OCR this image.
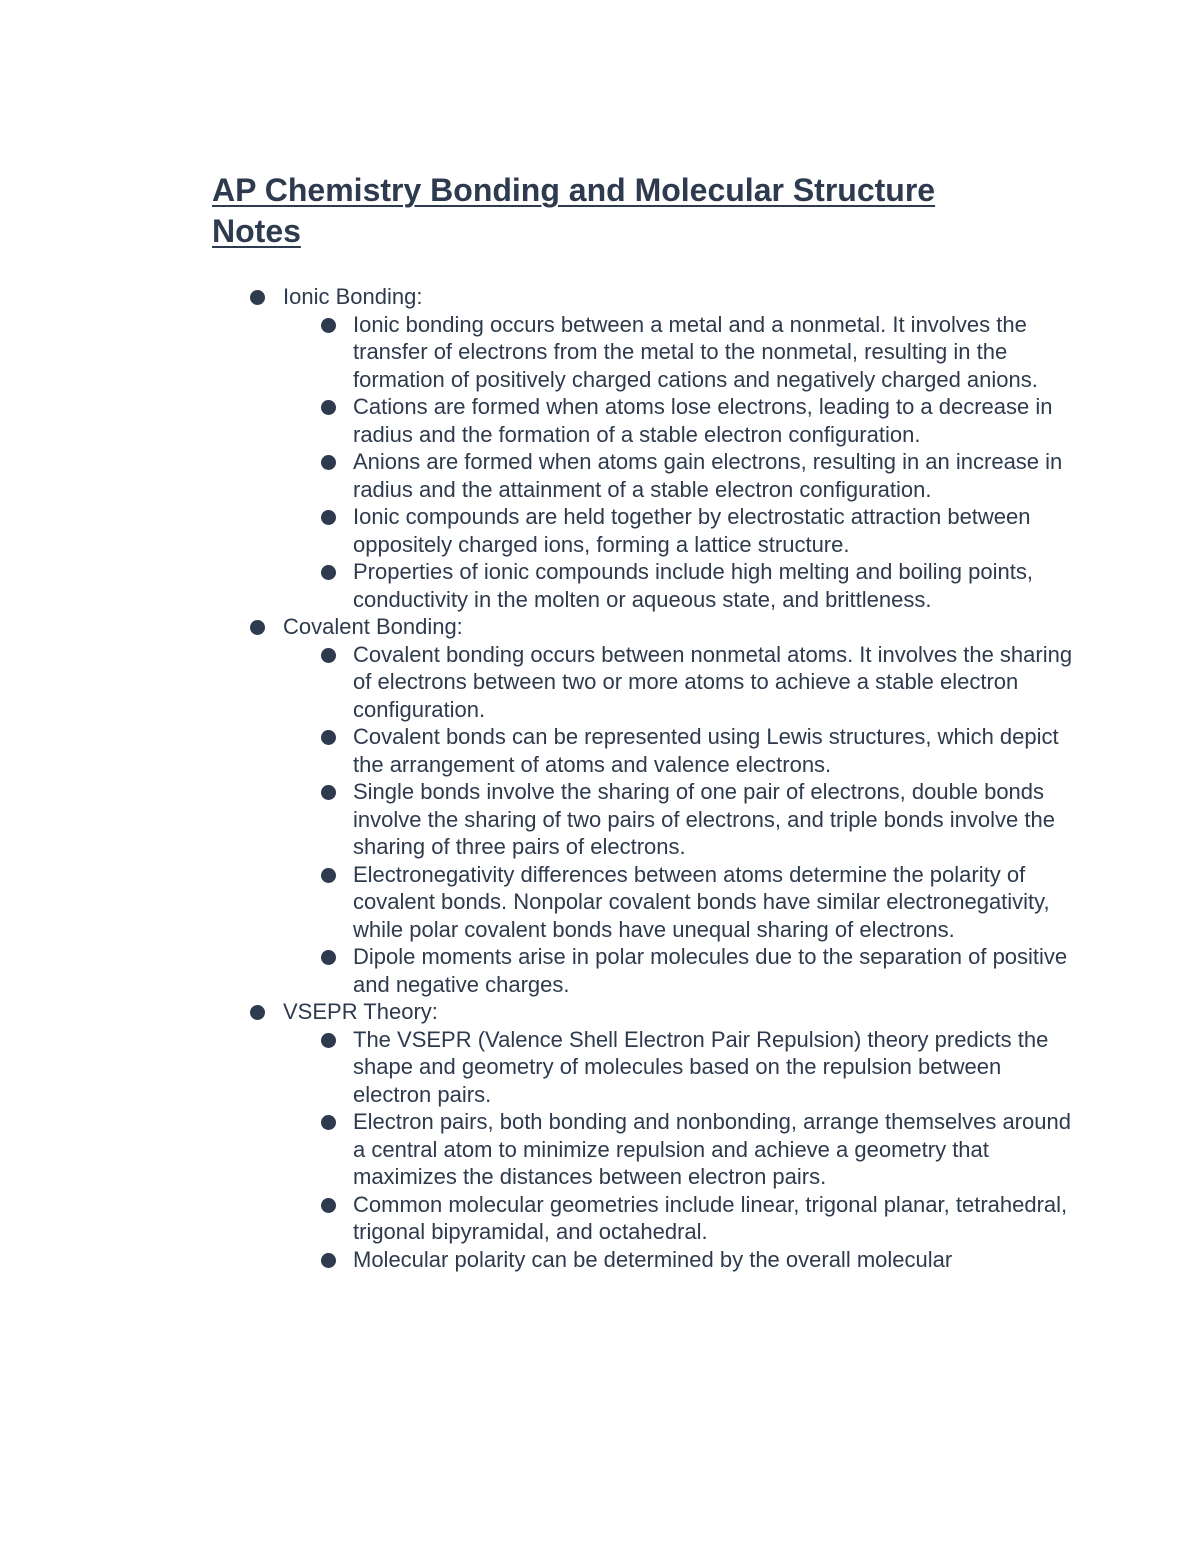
AP Chemistry Bonding and Molecular Structure Notes
Ionic Bonding:
Ionic bonding occurs between a metal and a nonmetal. It involves the transfer of electrons from the metal to the nonmetal, resulting in the formation of positively charged cations and negatively charged anions.
Cations are formed when atoms lose electrons, leading to a decrease in radius and the formation of a stable electron configuration.
Anions are formed when atoms gain electrons, resulting in an increase in radius and the attainment of a stable electron configuration.
Ionic compounds are held together by electrostatic attraction between oppositely charged ions, forming a lattice structure.
Properties of ionic compounds include high melting and boiling points, conductivity in the molten or aqueous state, and brittleness.
Covalent Bonding:
Covalent bonding occurs between nonmetal atoms. It involves the sharing of electrons between two or more atoms to achieve a stable electron configuration.
Covalent bonds can be represented using Lewis structures, which depict the arrangement of atoms and valence electrons.
Single bonds involve the sharing of one pair of electrons, double bonds involve the sharing of two pairs of electrons, and triple bonds involve the sharing of three pairs of electrons.
Electronegativity differences between atoms determine the polarity of covalent bonds. Nonpolar covalent bonds have similar electronegativity, while polar covalent bonds have unequal sharing of electrons.
Dipole moments arise in polar molecules due to the separation of positive and negative charges.
VSEPR Theory:
The VSEPR (Valence Shell Electron Pair Repulsion) theory predicts the shape and geometry of molecules based on the repulsion between electron pairs.
Electron pairs, both bonding and nonbonding, arrange themselves around a central atom to minimize repulsion and achieve a geometry that maximizes the distances between electron pairs.
Common molecular geometries include linear, trigonal planar, tetrahedral, trigonal bipyramidal, and octahedral.
Molecular polarity can be determined by the overall molecular
